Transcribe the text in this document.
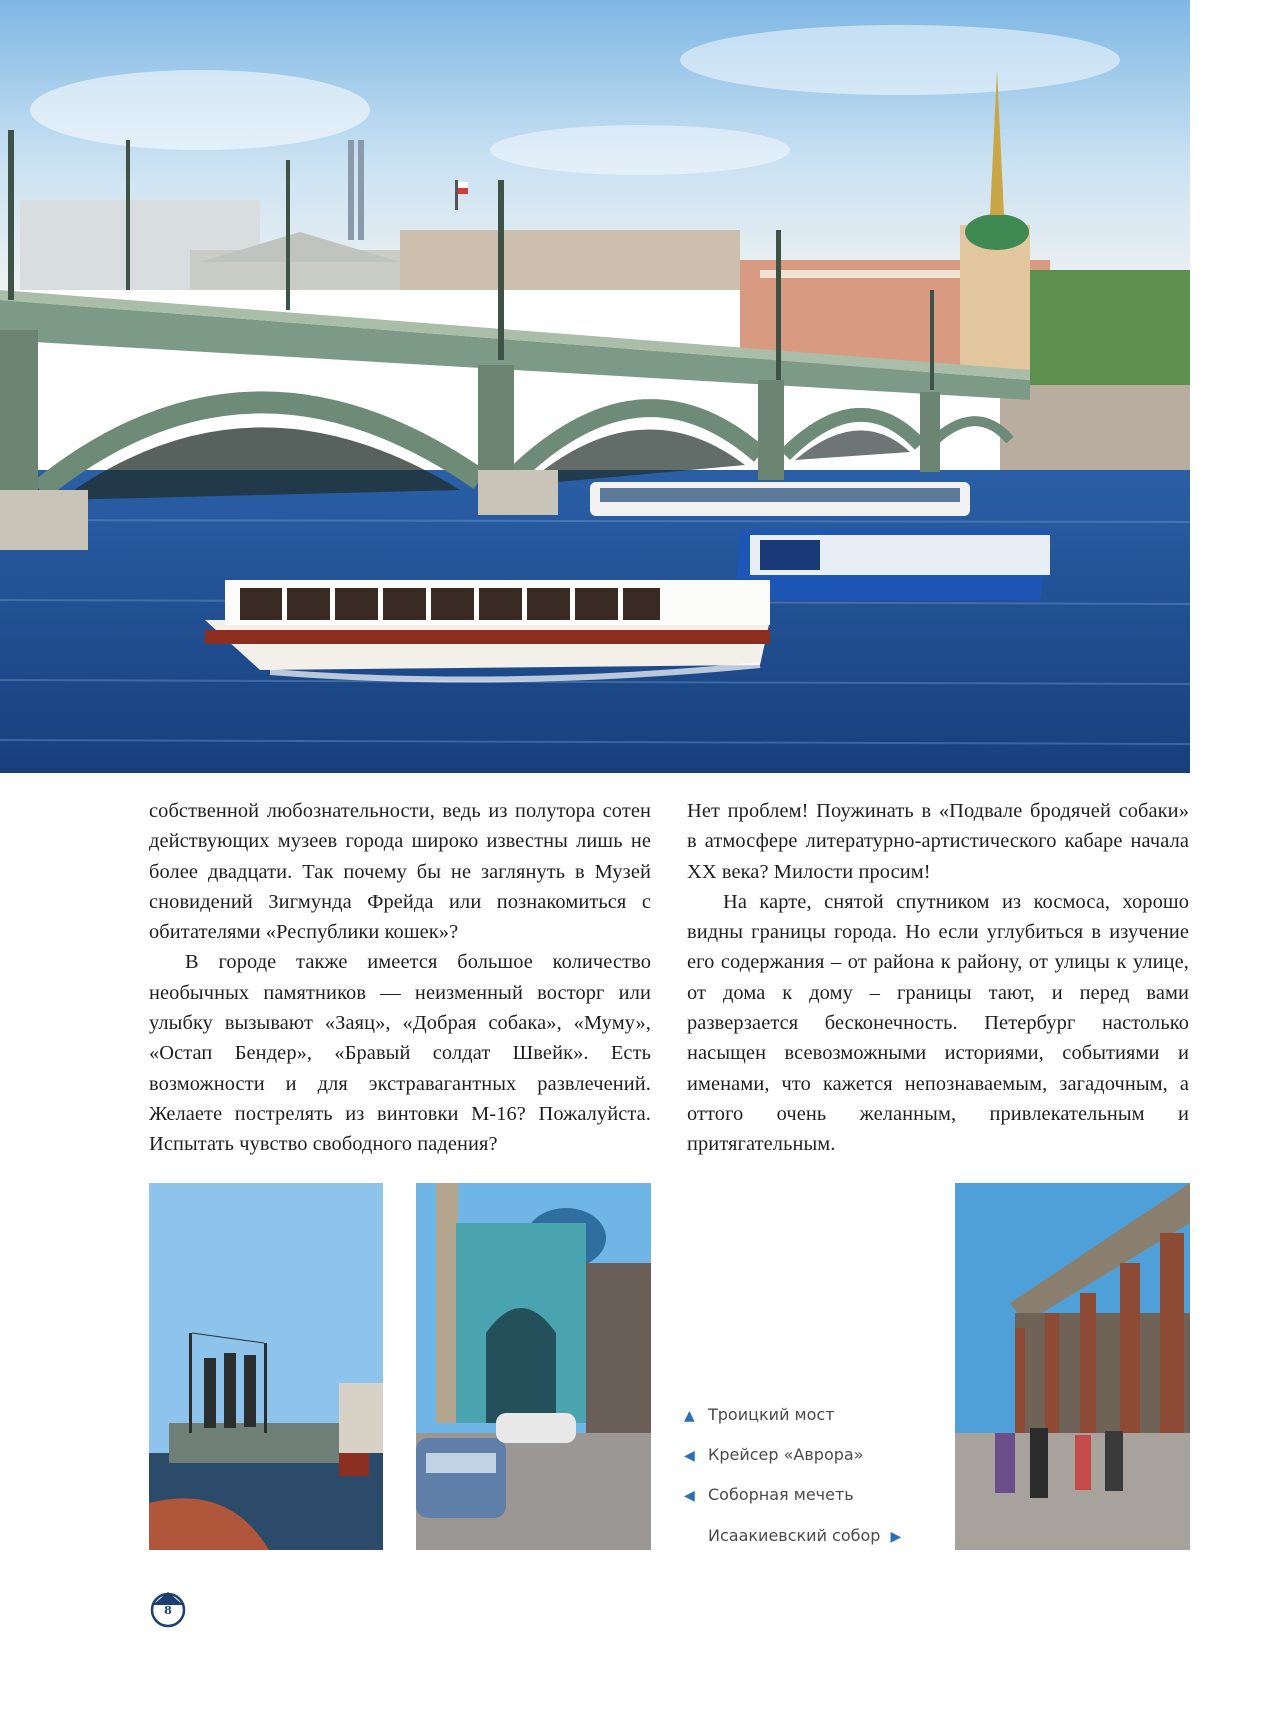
собственной любознательности, ведь из полутора сотен действующих музеев города широко известны лишь не более двадцати. Так почему бы не заглянуть в Музей сновидений Зигмунда Фрейда или познакомиться с обитателями «Республики кошек»?

В городе также имеется большое количество необычных памятников — неизменный восторг или улыбку вызывают «Заяц», «Добрая собака», «Муму», «Остап Бендер», «Бравый солдат Швейк». Есть возможности и для экстравагантных развлечений. Желаете пострелять из винтовки М-16? Пожалуйста. Испытать чувство свободного падения?

Нет проблем! Поужинать в «Подвале бродячей собаки» в атмосфере литературно-артистического кабаре начала XX века? Милости просим!

На карте, снятой спутником из космоса, хорошо видны границы города. Но если углубиться в изучение его содержания – от района к району, от улицы к улице, от дома к дому – границы тают, и перед вами разверзается бесконечность. Петербург настолько насыщен всевозможными историями, событиями и именами, что кажется непознаваемым, загадочным, а оттого очень желанным, привлекательным и притягательным.

▲ Троицкий мост
◀ Крейсер «Аврора»
◀ Соборная мечеть
Исаакиевский собор ▶
8
